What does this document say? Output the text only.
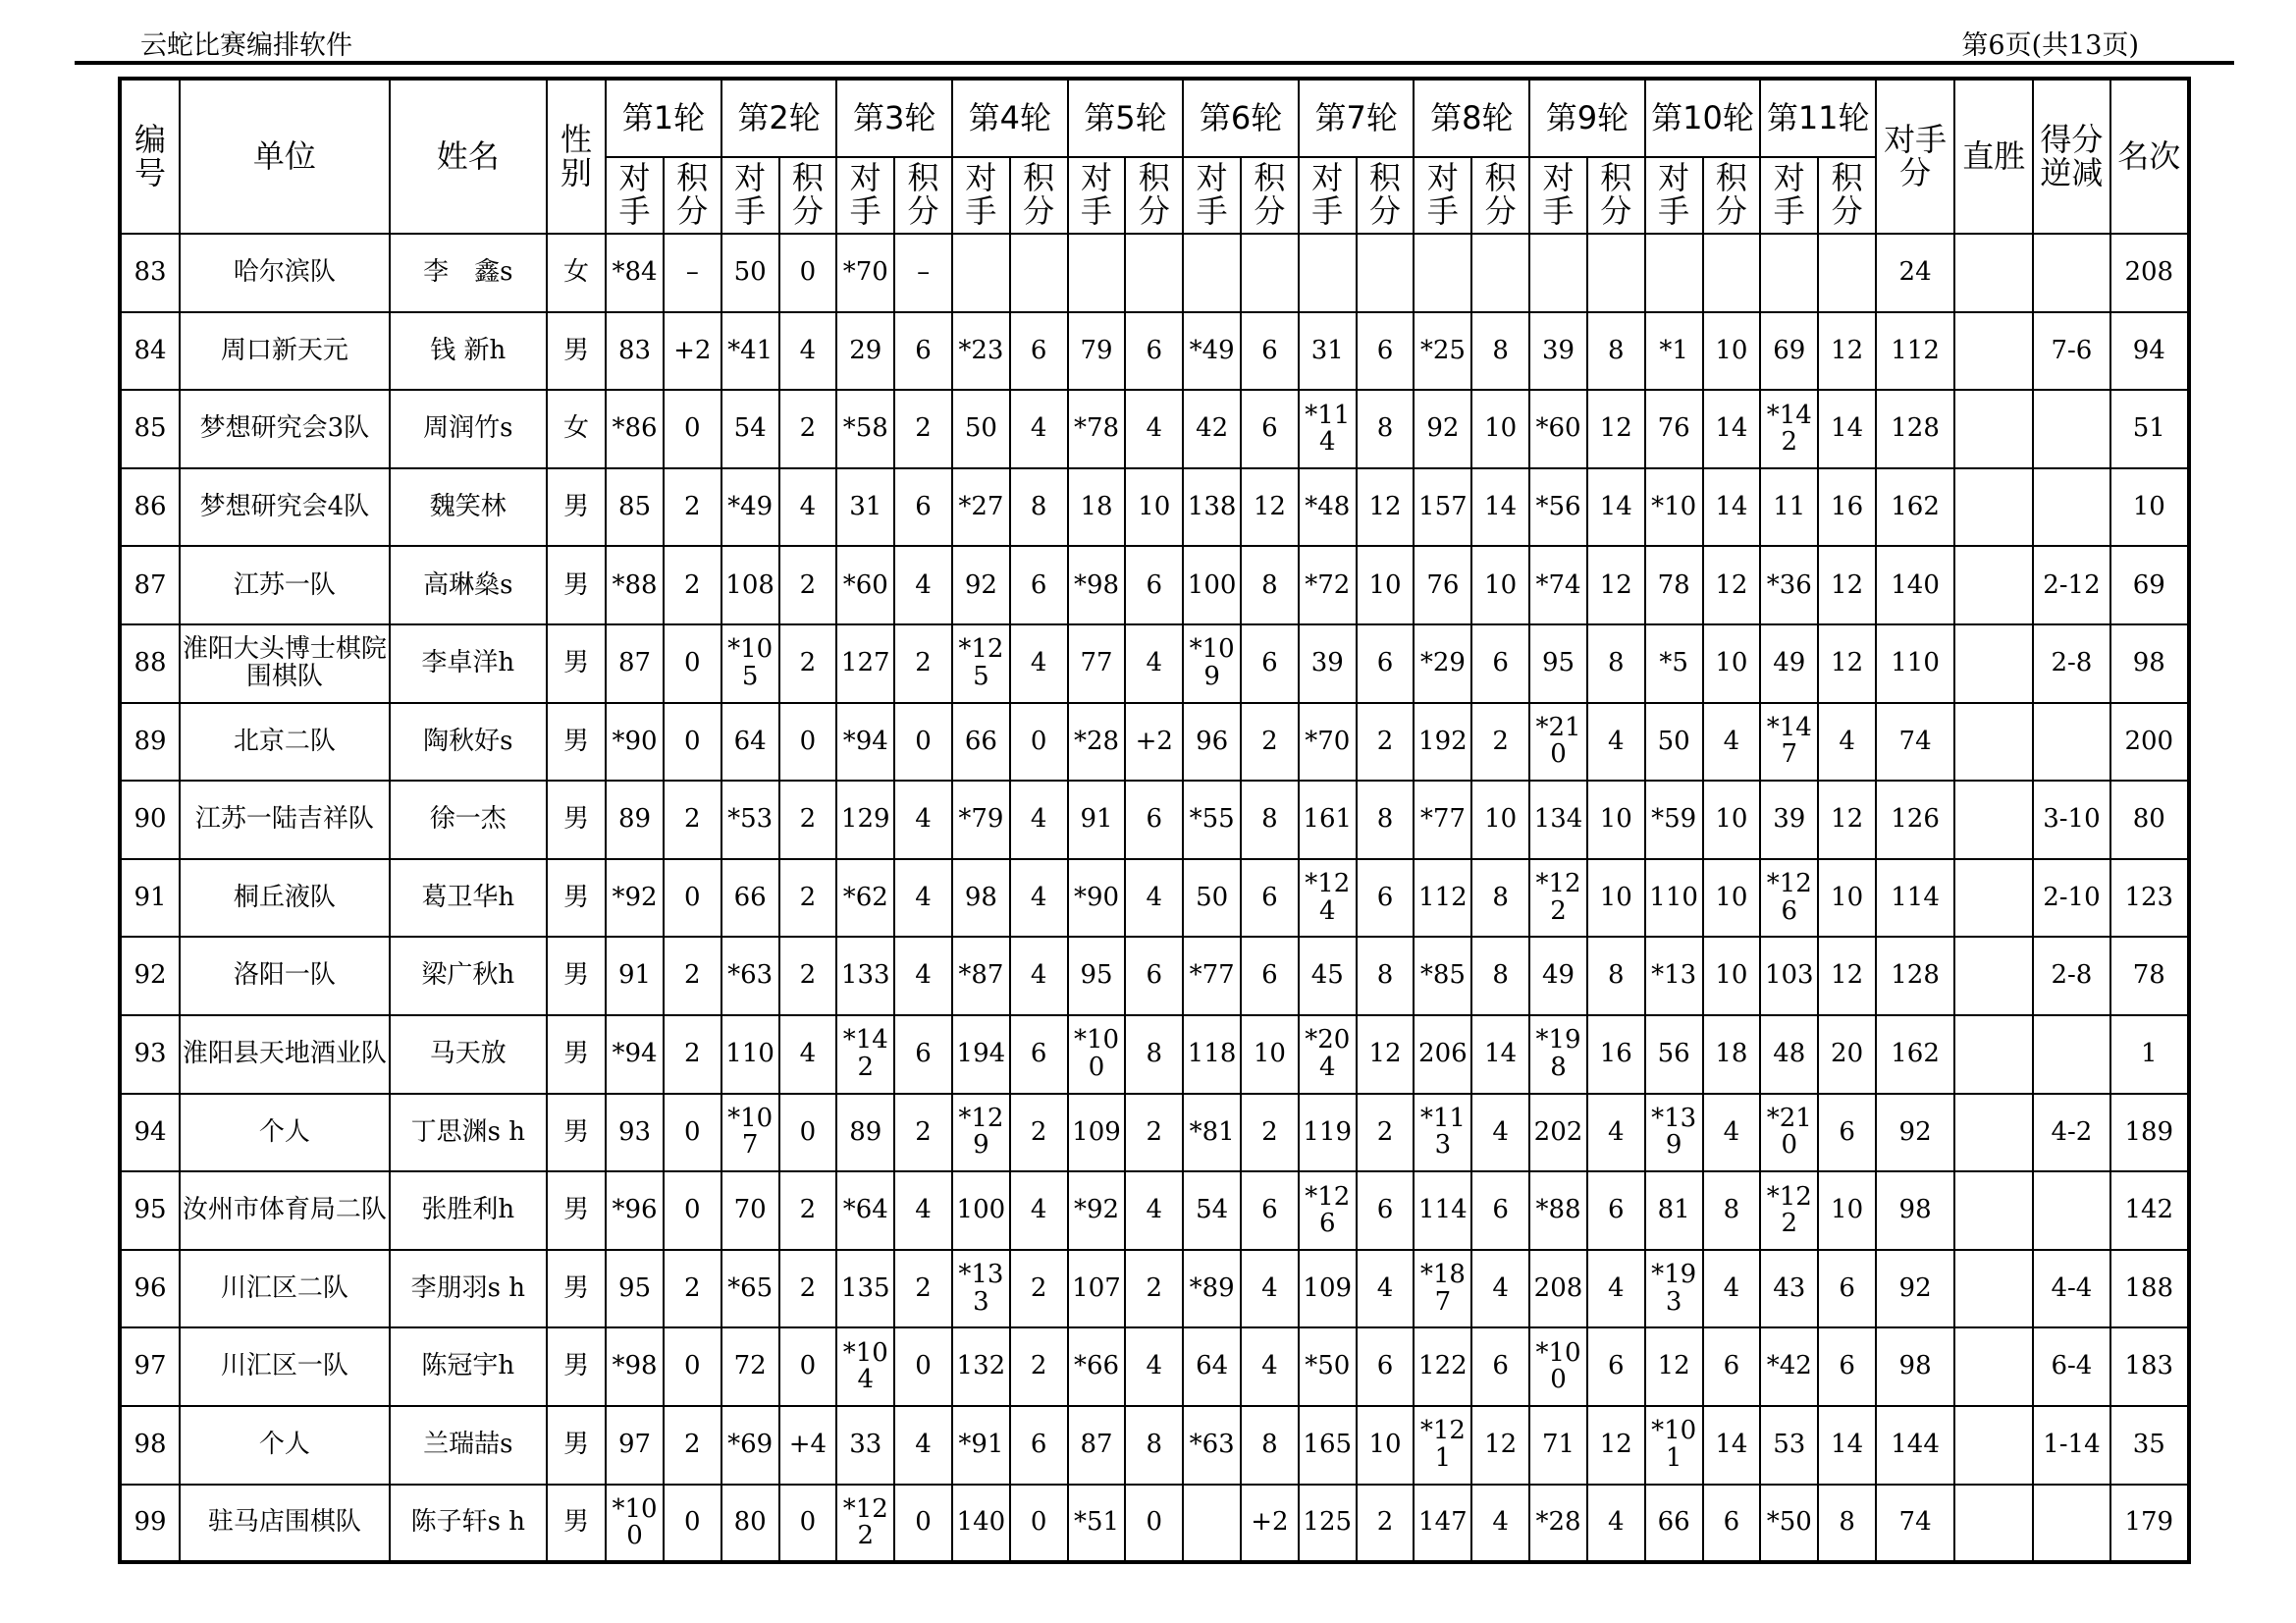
云蛇比赛编排软件	第6页(共13页)
编号	单位	姓名	性别	第1轮		第2轮		第3轮		第4轮		第5轮		第6轮		第7轮		第8轮		第9轮		第10轮		第11轮		对手分	直胜	得分逆减	名次
				对手	积分	对手	积分	对手	积分	对手	积分	对手	积分	对手	积分	对手	积分	对手	积分	对手	积分	对手	积分	对手	积分				
83	哈尔滨队	李　鑫s	女	*84	–	50	0	*70	–																	24			208
84	周口新天元	钱 新h	男	83	+2	*41	4	29	6	*23	6	79	6	*49	6	31	6	*25	8	39	8	*1	10	69	12	112		7-6	94
85	梦想研究会3队	周润竹s	女	*86	0	54	2	*58	2	50	4	*78	4	42	6	*114	8	92	10	*60	12	76	14	*142	14	128			51
86	梦想研究会4队	魏笑林	男	85	2	*49	4	31	6	*27	8	18	10	138	12	*48	12	157	14	*56	14	*10	14	11	16	162			10
87	江苏一队	高琳燊s	男	*88	2	108	2	*60	4	92	6	*98	6	100	8	*72	10	76	10	*74	12	78	12	*36	12	140		2-12	69
88	淮阳大头博士棋院围棋队	李卓洋h	男	87	0	*105	2	127	2	*125	4	77	4	*109	6	39	6	*29	6	95	8	*5	10	49	12	110		2-8	98
89	北京二队	陶秋好s	男	*90	0	64	0	*94	0	66	0	*28	+2	96	2	*70	2	192	2	*210	4	50	4	*147	4	74			200
90	江苏一陆吉祥队	徐一杰	男	89	2	*53	2	129	4	*79	4	91	6	*55	8	161	8	*77	10	134	10	*59	10	39	12	126		3-10	80
91	桐丘液队	葛卫华h	男	*92	0	66	2	*62	4	98	4	*90	4	50	6	*124	6	112	8	*122	10	110	10	*126	10	114		2-10	123
92	洛阳一队	梁广秋h	男	91	2	*63	2	133	4	*87	4	95	6	*77	6	45	8	*85	8	49	8	*13	10	103	12	128		2-8	78
93	淮阳县天地酒业队	马天放	男	*94	2	110	4	*142	6	194	6	*100	8	118	10	*204	12	206	14	*198	16	56	18	48	20	162			1
94	个人	丁思渊s h	男	93	0	*107	0	89	2	*129	2	109	2	*81	2	119	2	*113	4	202	4	*139	4	*210	6	92		4-2	189
95	汝州市体育局二队	张胜利h	男	*96	0	70	2	*64	4	100	4	*92	4	54	6	*126	6	114	6	*88	6	81	8	*122	10	98			142
96	川汇区二队	李朋羽s h	男	95	2	*65	2	135	2	*133	2	107	2	*89	4	109	4	*187	4	208	4	*193	4	43	6	92		4-4	188
97	川汇区一队	陈冠宇h	男	*98	0	72	0	*104	0	132	2	*66	4	64	4	*50	6	122	6	*100	6	12	6	*42	6	98		6-4	183
98	个人	兰瑞喆s	男	97	2	*69	+4	33	4	*91	6	87	8	*63	8	165	10	*121	12	71	12	*101	14	53	14	144		1-14	35
99	驻马店围棋队	陈子轩s h	男	*100	0	80	0	*122	0	140	0	*51	0		+2	125	2	147	4	*28	4	66	6	*50	8	74			179
